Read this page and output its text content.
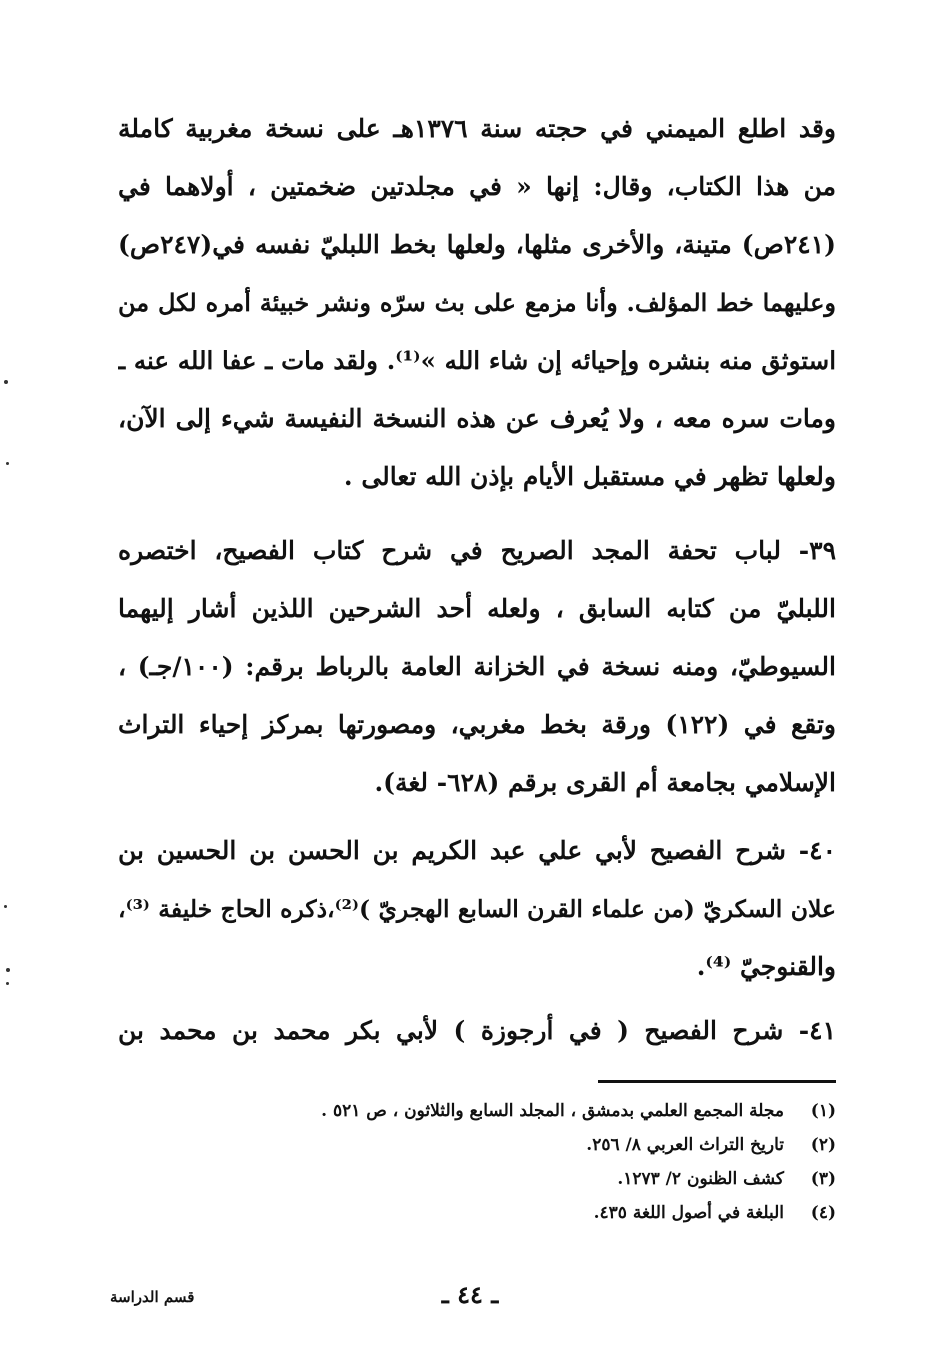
وقد اطلع الميمني في حجته سنة ١٣٧٦هـ على نسخة مغربية كاملة
من هذا الكتاب، وقال: إنها « في مجلدتين ضخمتين ، أولاهما في
(٢٤١ص) متينة، والأخرى مثلها، ولعلها بخط اللبليّ نفسه في(٢٤٧ص)
وعليهما خط المؤلف. وأنا مزمع على بث سرّه ونشر خبيئة أمره لكل من
استوثق منه بنشره وإحيائه إن شاء الله »⁽¹⁾. ولقد مات ـ عفا الله عنه ـ
ومات سره معه ، ولا يُعرف عن هذه النسخة النفيسة شيء إلى الآن،
ولعلها تظهر في مستقبل الأيام بإذن الله تعالى .
٣٩- لباب تحفة المجد الصريح في شرح كتاب الفصيح، اختصره
اللبليّ من كتابه السابق ، ولعله أحد الشرحين اللذين أشار إليهما
السيوطيّ، ومنه نسخة في الخزانة العامة بالرباط برقم: (١٠٠/جـ) ،
وتقع في (١٢٢) ورقة بخط مغربي، ومصورتها بمركز إحياء التراث
الإسلامي بجامعة أم القرى برقم (٦٢٨- لغة).
٤٠- شرح الفصيح لأبي علي عبد الكريم بن الحسن بن الحسين بن
علان السكريّ (من علماء القرن السابع الهجريّ )⁽²⁾،ذكره الحاج خليفة ⁽³⁾،
والقنوجيّ ⁽⁴⁾.
٤١- شرح الفصيح ( في أرجوزة ) لأبي بكر محمد بن محمد بن
(١)مجلة المجمع العلمي بدمشق ، المجلد السابع والثلاثون ، ص ٥٢١ .
(٢)تاريخ التراث العربي ٨/ ٢٥٦.
(٣)كشف الظنون ٢/ ١٢٧٣.
(٤)البلغة في أصول اللغة ٤٣٥.
ـ ٤٤ ـ
قسم الدراسة
